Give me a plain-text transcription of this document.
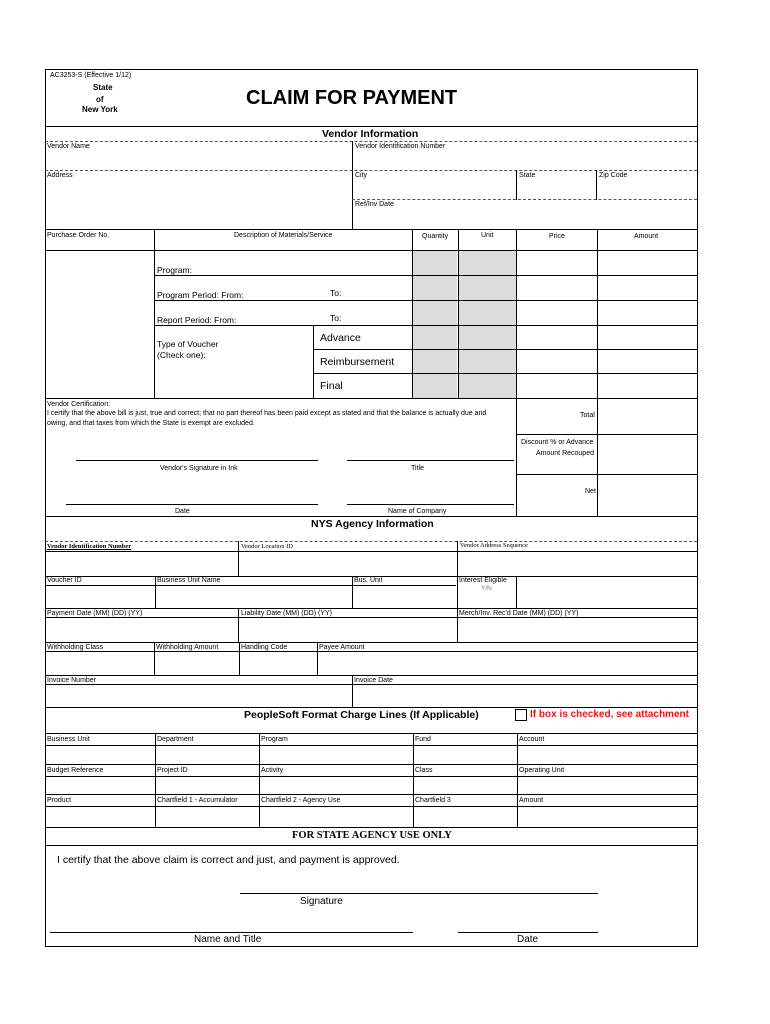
AC3253-S (Effective 1/12)
State
of
New York
CLAIM FOR PAYMENT
Vendor Information
Vendor Name	Vendor Identification Number
Address	City	State	Zip Code
Ref/Inv Date
Purchase Order No.	Description of Materials/Service	Quantity	Unit	Price	Amount
Program:
Program Period: From:	To:
Report Period: From:	To:
Type of Voucher
(Check one):
Advance
Reimbursement
Final
Vendor Certification:
I certify that the above bill is just, true and correct; that no part thereof has been paid except as stated and that the balance is actually due and
owing, and that taxes from which the State is exempt are excluded.
Total
Discount % or Advance
Amount Recouped
Net
Vendor's Signature in Ink	Title
Date	Name of Company
NYS Agency Information
Vendor Identification Number	Vendor Location ID	Vendor Address Sequence
Voucher ID	Business Unit Name	Bus. Unit	Interest Eligible
Y/N
Payment Date (MM) (DD) (YY)	Liability Date (MM) (DD) (YY)	Merch/Inv. Rec'd Date (MM) (DD) (YY)
Withholding Class	Withholding Amount	Handling Code	Payee Amount
Invoice Number	Invoice Date
PeopleSoft Format Charge Lines (If Applicable)	If box is checked, see attachment
Business Unit	Department	Program	Fund	Account
Budget Reference	Project ID	Activity	Class	Operating Unit
Product	Chartfield 1 - Accumulator	Chartfield 2 - Agency Use	Chartfield 3	Amount
FOR STATE AGENCY USE ONLY
I certify that the above claim is correct and just, and payment is approved.
Signature
Name and Title	Date
